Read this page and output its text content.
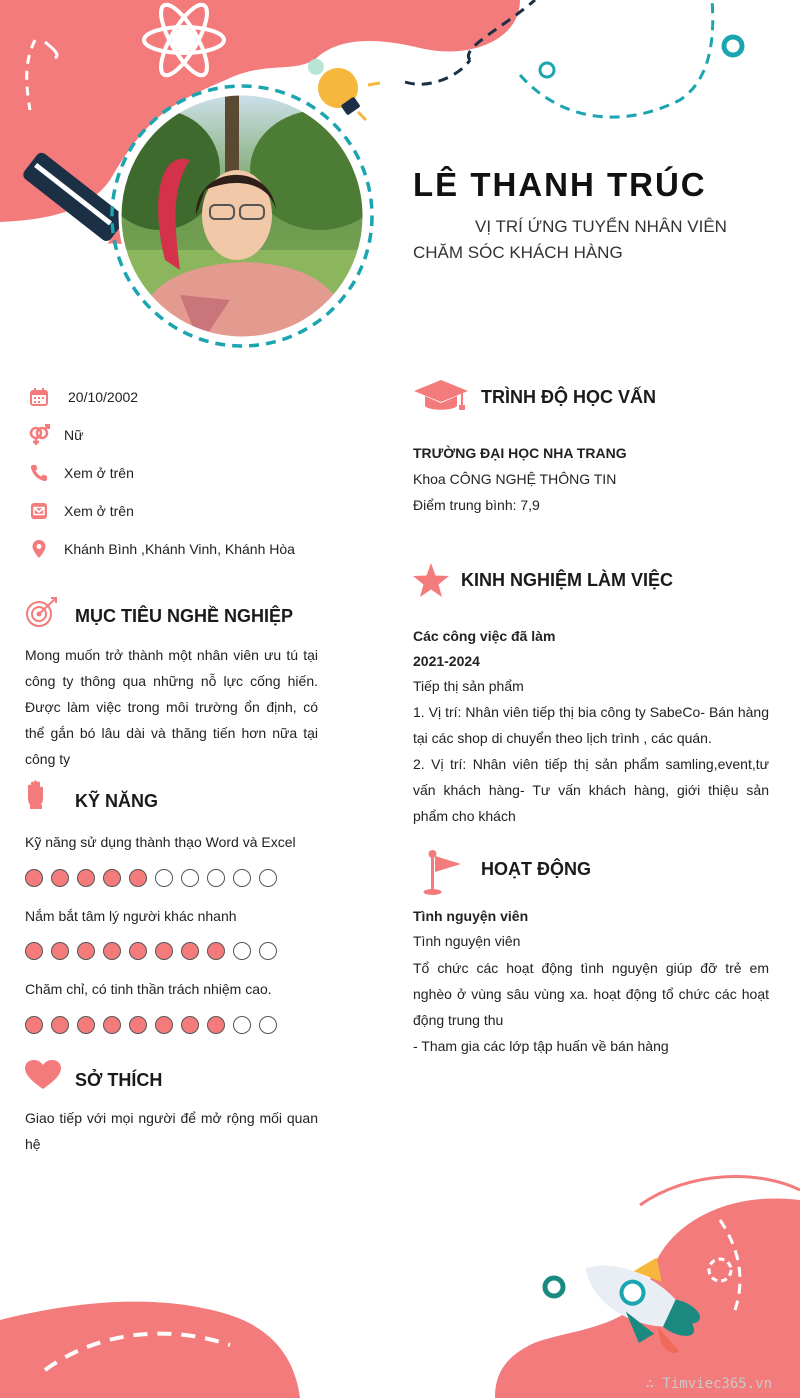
LÊ THANH TRÚC
VỊ TRÍ ỨNG TUYỂN NHÂN VIÊN CHĂM SÓC KHÁCH HÀNG
20/10/2002
Nữ
Xem ở trên
Xem ở trên
Khánh Bình ,Khánh Vinh, Khánh Hòa
MỤC TIÊU NGHỀ NGHIỆP
Mong muốn trở thành một nhân viên ưu tú tại công ty thông qua những nỗ lực cống hiến. Được làm việc trong môi trường ổn định, có thể gắn bó lâu dài và thăng tiến hơn nữa tại công ty
KỸ NĂNG
Kỹ năng sử dụng thành thạo Word và Excel
Nắm bắt tâm lý người khác nhanh
Chăm chỉ, có tinh thần trách nhiệm cao.
SỞ THÍCH
Giao tiếp với mọi người để mở rộng mối quan hệ
TRÌNH ĐỘ HỌC VẤN
TRƯỜNG ĐẠI HỌC NHA TRANG
Khoa CÔNG NGHỆ THÔNG TIN
Điểm trung bình: 7,9
KINH NGHIỆM LÀM VIỆC
Các công việc đã làm
2021-2024
Tiếp thị sản phẩm
1. Vị trí: Nhân viên tiếp thị bia công ty SabeCo- Bán hàng tại các shop di chuyển theo lịch trình , các quán.
2. Vị trí: Nhân viên tiếp thị sản phẩm samling,event,tư vấn khách hàng- Tư vấn khách hàng, giới thiệu sản phẩm cho khách
HOẠT ĐỘNG
Tình nguyện viên
Tình nguyện viên
Tổ chức các hoạt động tình nguyện giúp đỡ trẻ em nghèo ở vùng sâu vùng xa. hoạt động tổ chức các hoạt động trung thu
- Tham gia các lớp tập huấn về bán hàng
∴ Timviec365.vn
